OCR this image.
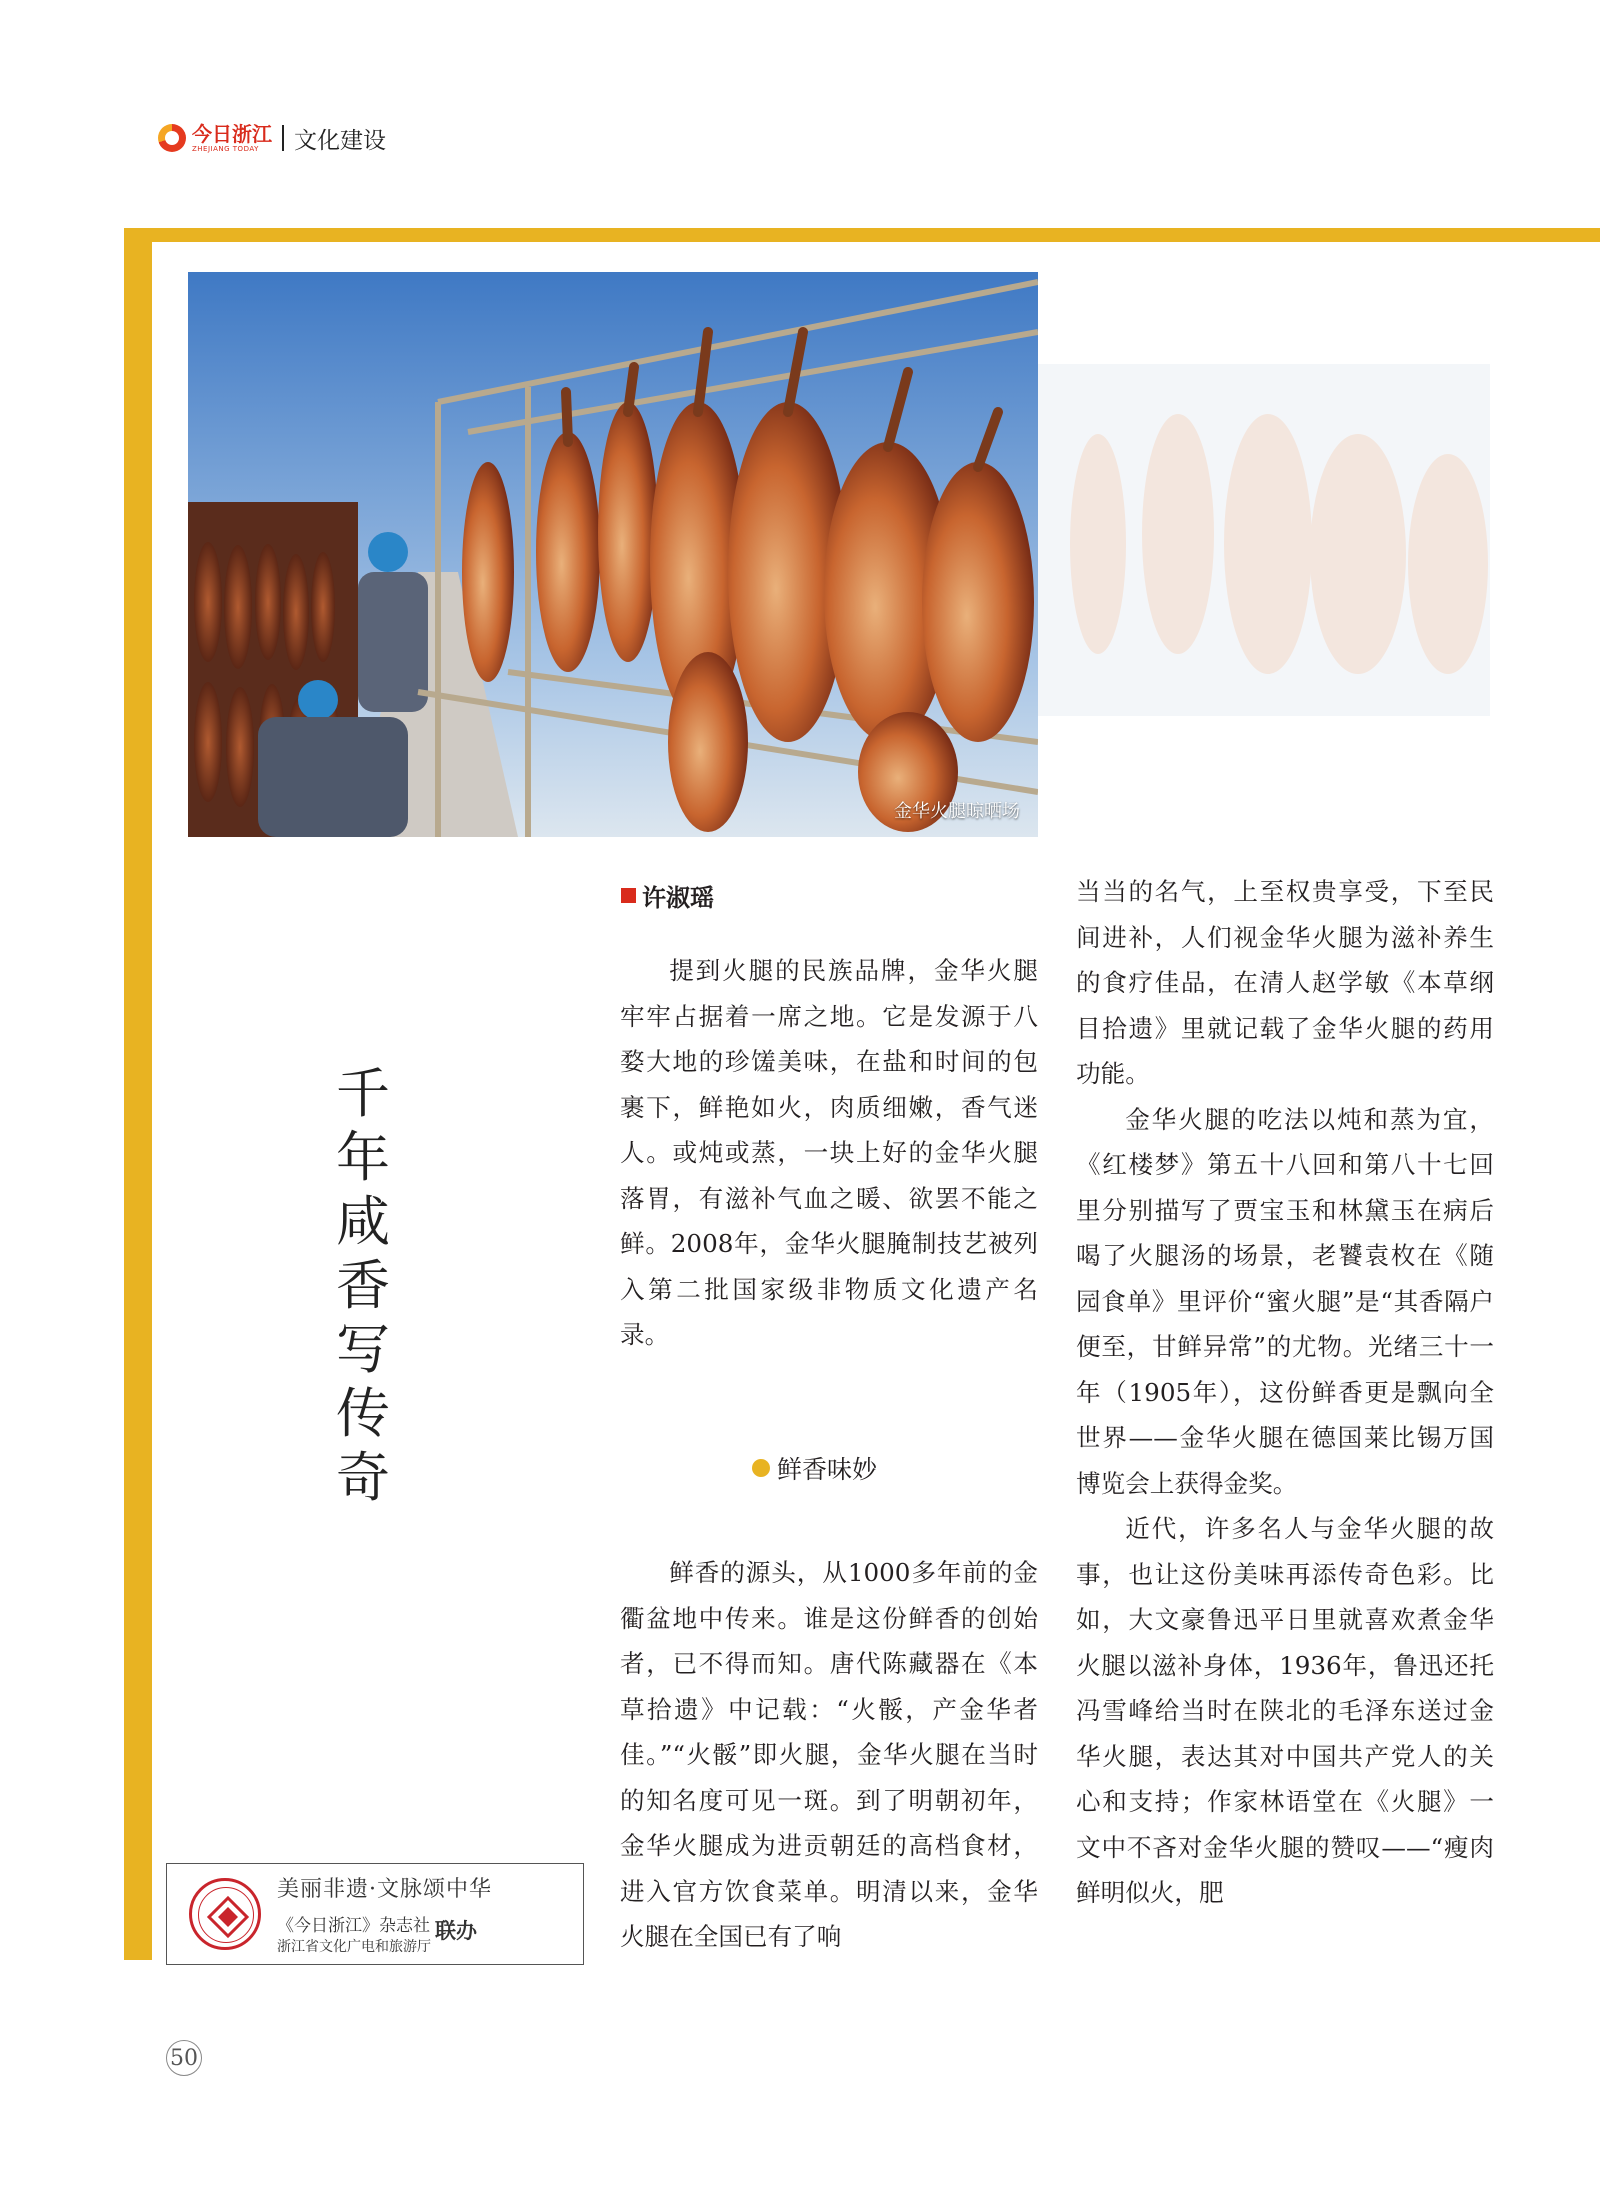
今日浙江
ZHEJIANG TODAY	文化建设
金华火腿晾晒场
千
年
咸
香
写
传
奇
许淑瑶

提到火腿的民族品牌，金华火腿牢牢占据着一席之地。它是发源于八婺大地的珍馐美味，在盐和时间的包裹下，鲜艳如火，肉质细嫩，香气迷人。或炖或蒸，一块上好的金华火腿落胃，有滋补气血之暖、欲罢不能之鲜。2008年，金华火腿腌制技艺被列入第二批国家级非物质文化遗产名录。

鲜香味妙

鲜香的源头，从1000多年前的金衢盆地中传来。谁是这份鲜香的创始者，已不得而知。唐代陈藏器在《本草拾遗》中记载：“火骽，产金华者佳。”“火骽”即火腿，金华火腿在当时的知名度可见一斑。到了明朝初年，金华火腿成为进贡朝廷的高档食材，进入官方饮食菜单。明清以来，金华火腿在全国已有了响

当当的名气，上至权贵享受，下至民间进补，人们视金华火腿为滋补养生的食疗佳品，在清人赵学敏《本草纲目拾遗》里就记载了金华火腿的药用功能。

金华火腿的吃法以炖和蒸为宜，《红楼梦》第五十八回和第八十七回里分别描写了贾宝玉和林黛玉在病后喝了火腿汤的场景，老饕袁枚在《随园食单》里评价“蜜火腿”是“其香隔户便至，甘鲜异常”的尤物。光绪三十一年（1905年），这份鲜香更是飘向全世界——金华火腿在德国莱比锡万国博览会上获得金奖。

近代，许多名人与金华火腿的故事，也让这份美味再添传奇色彩。比如，大文豪鲁迅平日里就喜欢煮金华火腿以滋补身体，1936年，鲁迅还托冯雪峰给当时在陕北的毛泽东送过金华火腿，表达其对中国共产党人的关心和支持；作家林语堂在《火腿》一文中不吝对金华火腿的赞叹——“瘦肉鲜明似火，肥

美丽非遗·文脉颂中华
《今日浙江》杂志社
浙江省文化广电和旅游厅
联办
50
